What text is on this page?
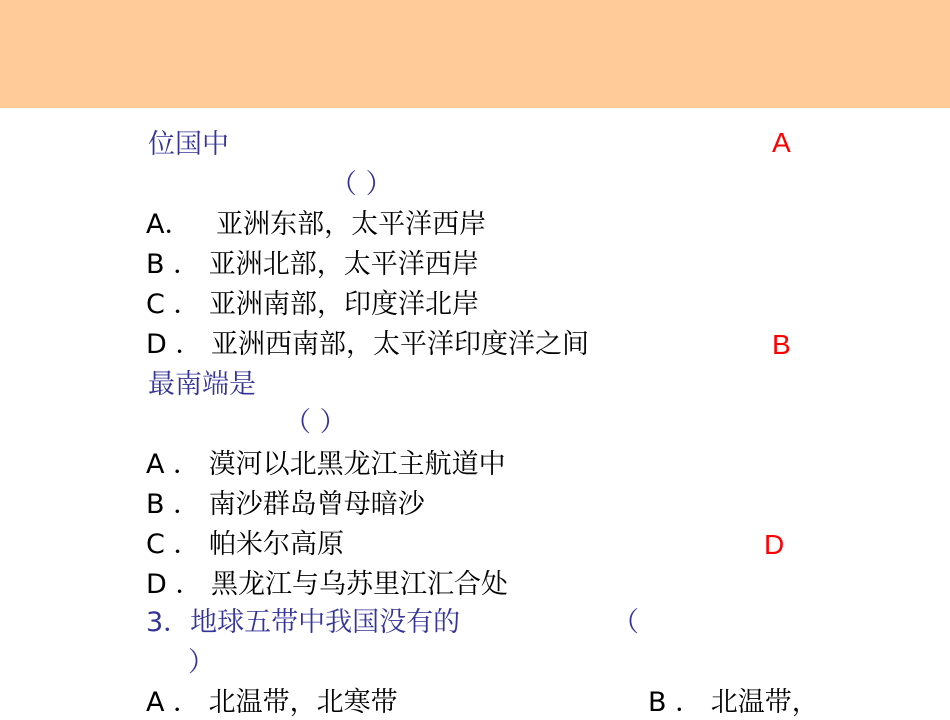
位国中	A
（ ）
A． 亚洲东部，太平洋西岸
B ． 亚洲北部，太平洋西岸
C ． 亚洲南部，印度洋北岸
D ． 亚洲西南部，太平洋印度洋之间	B
最南端是
（ ）
A ． 漠河以北黑龙江主航道中
B ． 南沙群岛曾母暗沙
C ． 帕米尔高原	D
D ． 黑龙江与乌苏里江汇合处
3．地球五带中我国没有的	（
）
A ． 北温带，北寒带	B ． 北温带，
